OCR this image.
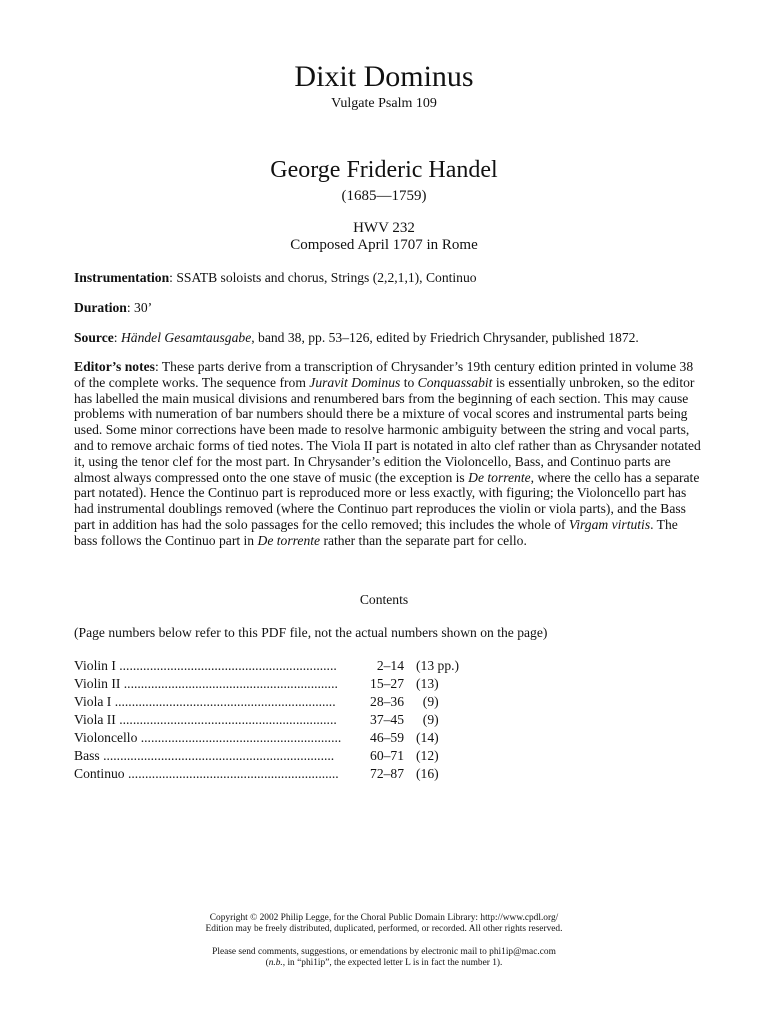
Dixit Dominus
Vulgate Psalm 109
George Frideric Handel
(1685—1759)
HWV 232
Composed April 1707 in Rome
Instrumentation: SSATB soloists and chorus, Strings (2,2,1,1), Continuo
Duration: 30’
Source: Händel Gesamtausgabe, band 38, pp. 53–126, edited by Friedrich Chrysander, published 1872.
Editor’s notes: These parts derive from a transcription of Chrysander’s 19th century edition printed in volume 38 of the complete works. The sequence from Juravit Dominus to Conquassabit is essentially unbroken, so the editor has labelled the main musical divisions and renumbered bars from the beginning of each section. This may cause problems with numeration of bar numbers should there be a mixture of vocal scores and instrumental parts being used. Some minor corrections have been made to resolve harmonic ambiguity between the string and vocal parts, and to remove archaic forms of tied notes. The Viola II part is notated in alto clef rather than as Chrysander notated it, using the tenor clef for the most part. In Chrysander’s edition the Violoncello, Bass, and Continuo parts are almost always compressed onto the one stave of music (the exception is De torrente, where the cello has a separate part notated). Hence the Continuo part is reproduced more or less exactly, with figuring; the Violoncello part has had instrumental doublings removed (where the Continuo part reproduces the violin or viola parts), and the Bass part in addition has had the solo passages for the cello removed; this includes the whole of Virgam virtutis. The bass follows the Continuo part in De torrente rather than the separate part for cello.
Contents
(Page numbers below refer to this PDF file, not the actual numbers shown on the page)
Violin I ................................................................	2–14 (13 pp.)
Violin II ...............................................................	15–27 (13)
Viola I .................................................................	28–36 (9)
Viola II ................................................................	37–45 (9)
Violoncello ...........................................................	46–59 (14)
Bass ....................................................................	60–71 (12)
Continuo ..............................................................	72–87 (16)
Copyright © 2002 Philip Legge, for the Choral Public Domain Library: http://www.cpdl.org/
Edition may be freely distributed, duplicated, performed, or recorded. All other rights reserved.
Please send comments, suggestions, or emendations by electronic mail to phi1ip@mac.com
(n.b., in “phi1ip”, the expected letter L is in fact the number 1).
